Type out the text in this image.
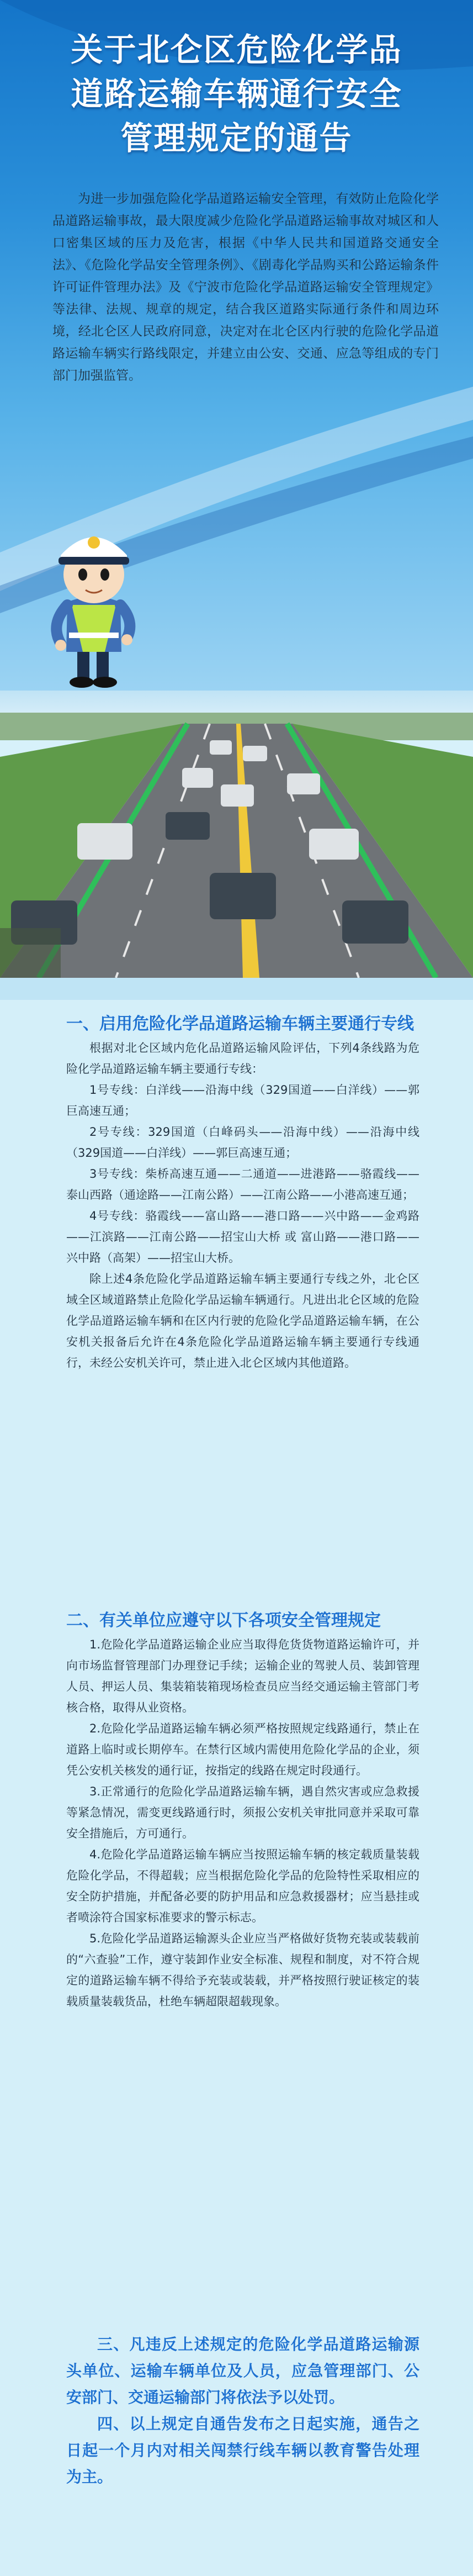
关于北仑区危险化学品
道路运输车辆通行安全
管理规定的通告
为进一步加强危险化学品道路运输安全管理，有效防止危险化学品道路运输事故，最大限度减少危险化学品道路运输事故对城区和人口密集区域的压力及危害，根据《中华人民共和国道路交通安全法》、《危险化学品安全管理条例》、《剧毒化学品购买和公路运输条件许可证件管理办法》及《宁波市危险化学品道路运输安全管理规定》等法律、法规、规章的规定，结合我区道路实际通行条件和周边环境，经北仑区人民政府同意，决定对在北仑区内行驶的危险化学品道路运输车辆实行路线限定，并建立由公安、交通、应急等组成的专门部门加强监管。
一、启用危险化学品道路运输车辆主要通行专线

根据对北仑区域内危化品道路运输风险评估，下列4条线路为危险化学品道路运输车辆主要通行专线：

1号专线：白洋线——沿海中线（329国道——白洋线）——郭巨高速互通；

2号专线：329国道（白峰码头——沿海中线）——沿海中线（329国道——白洋线）——郭巨高速互通；

3号专线：柴桥高速互通——二通道——进港路——骆霞线——泰山西路（通途路——江南公路）——江南公路——小港高速互通；

4号专线：骆霞线——富山路——港口路——兴中路——金鸡路——江滨路——江南公路——招宝山大桥 或 富山路——港口路——兴中路（高架）——招宝山大桥。

除上述4条危险化学品道路运输车辆主要通行专线之外，北仑区域全区域道路禁止危险化学品运输车辆通行。凡进出北仑区域的危险化学品道路运输车辆和在区内行驶的危险化学品道路运输车辆，在公安机关报备后允许在4条危险化学品道路运输车辆主要通行专线通行，未经公安机关许可，禁止进入北仑区域内其他道路。

二、有关单位应遵守以下各项安全管理规定

1.危险化学品道路运输企业应当取得危货货物道路运输许可，并向市场监督管理部门办理登记手续；运输企业的驾驶人员、装卸管理人员、押运人员、集装箱装箱现场检查员应当经交通运输主管部门考核合格，取得从业资格。

2.危险化学品道路运输车辆必须严格按照规定线路通行，禁止在道路上临时或长期停车。在禁行区域内需使用危险化学品的企业，须凭公安机关核发的通行证，按指定的线路在规定时段通行。

3.正常通行的危险化学品道路运输车辆，遇自然灾害或应急救援等紧急情况，需变更线路通行时，须报公安机关审批同意并采取可靠安全措施后，方可通行。

4.危险化学品道路运输车辆应当按照运输车辆的核定载质量装载危险化学品，不得超载；应当根据危险化学品的危险特性采取相应的安全防护措施，并配备必要的防护用品和应急救援器材；应当悬挂或者喷涂符合国家标准要求的警示标志。

5.危险化学品道路运输源头企业应当严格做好货物充装或装载前的“六查验”工作，遵守装卸作业安全标准、规程和制度，对不符合规定的道路运输车辆不得给予充装或装载，并严格按照行驶证核定的装载质量装载货品，杜绝车辆超限超载现象。

三、凡违反上述规定的危险化学品道路运输源头单位、运输车辆单位及人员，应急管理部门、公安部门、交通运输部门将依法予以处罚。

四、以上规定自通告发布之日起实施，通告之日起一个月内对相关闯禁行线车辆以教育警告处理为主。
